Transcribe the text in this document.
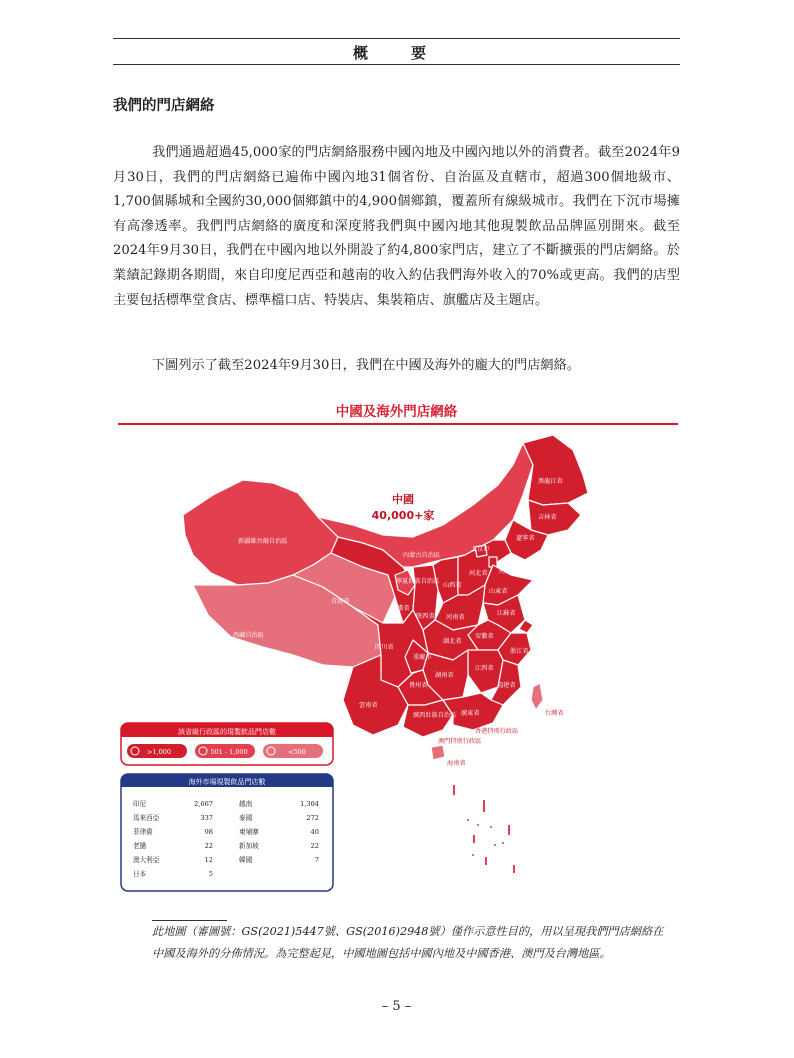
概　要
我們的門店網絡

我們通過超過45,000家的門店網絡服務中國內地及中國內地以外的消費者。截至2024年9月30日，我們的門店網絡已遍佈中國內地31個省份、自治區及直轄市，超過300個地級市、1,700個縣城和全國約30,000個鄉鎮中的4,900個鄉鎮，覆蓋所有線級城市。我們在下沉市場擁有高滲透率。我們門店網絡的廣度和深度將我們與中國內地其他現製飲品品牌區別開來。截至2024年9月30日，我們在中國內地以外開設了約4,800家門店，建立了不斷擴張的門店網絡。於業績記錄期各期間，來自印度尼西亞和越南的收入約佔我們海外收入的70%或更高。我們的店型主要包括標準堂食店、標準檔口店、特裝店、集裝箱店、旗艦店及主題店。

下圖列示了截至2024年9月30日，我們在中國及海外的龐大的門店網絡。

中國及海外門店網絡
中國
40,000+家
新疆維吾爾自治區
西藏自治區
青海省
甘肅省
內蒙古自治區
寧夏回族自治區
陝西省
山西省
河北省
北京市
天津市
黑龍江省
吉林省
遼寧省
山東省
河南省
江蘇省
上海市
安徽省
湖北省
四川省
重慶市
貴州省
雲南省
湖南省
江西省
浙江省
福建省
廣西壯族自治區 廣東省
海南省
香港特別行政區
澳門特別行政區
台灣省
該省級行政區的現製飲品門店數
>1,000	501 - 1,000	<500
海外市場現製飲品門店數
印尼	2,667
馬來西亞	337
菲律賓	98
老撾	22
澳大利亞	12
日本	5
越南	1,304
泰國	272
柬埔寨	40
新加坡	22
韓國	7
此地圖（審圖號：GS(2021)5447號、GS(2016)2948號）僅作示意性目的，用以呈現我們門店網絡在
中國及海外的分佈情況。為完整起見，中國地圖包括中國內地及中國香港、澳門及台灣地區。
– 5 –
